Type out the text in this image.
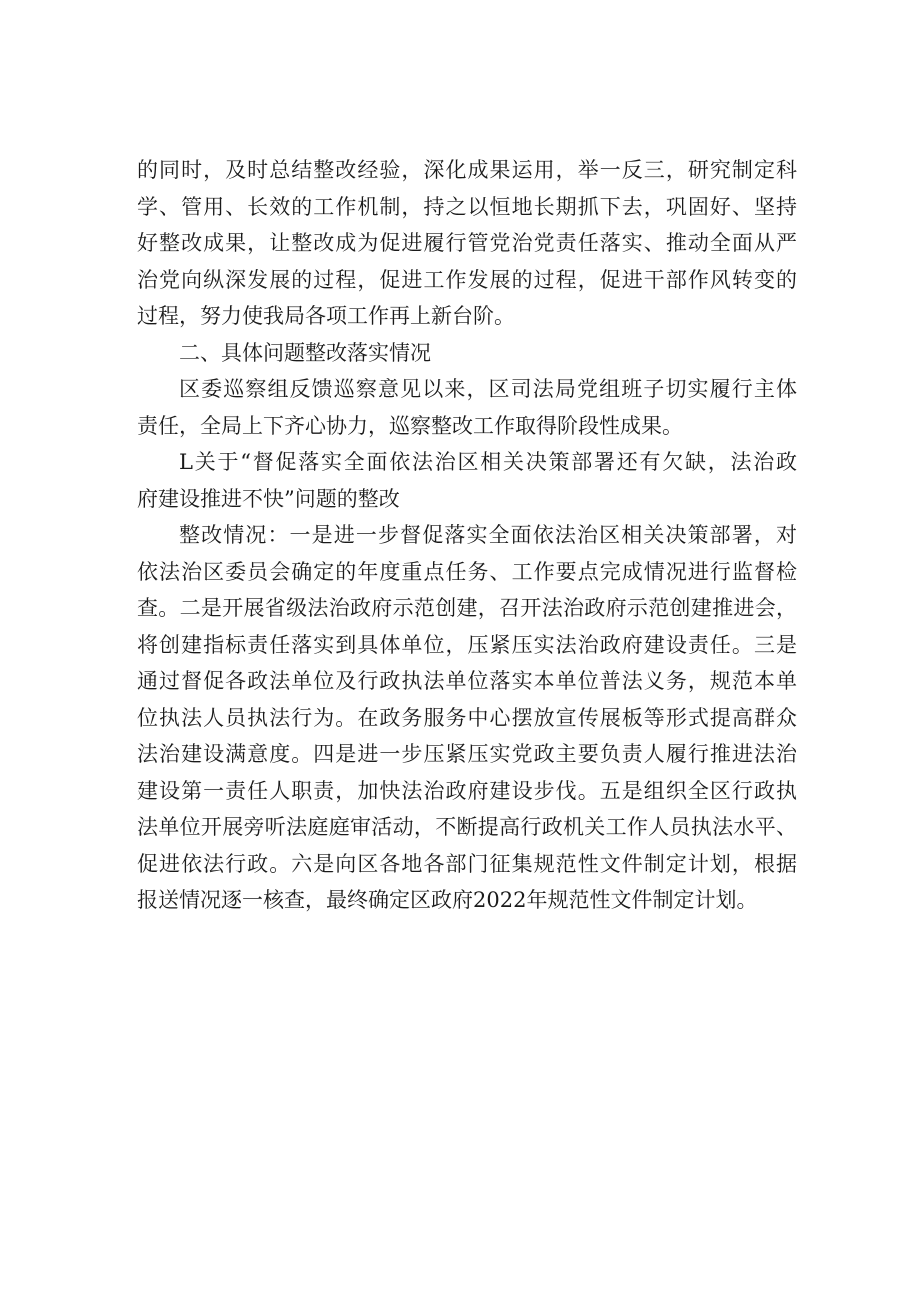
的同时，及时总结整改经验，深化成果运用，举一反三，研究制定科
学、管用、长效的工作机制，持之以恒地长期抓下去，巩固好、坚持
好整改成果，让整改成为促进履行管党治党责任落实、推动全面从严
治党向纵深发展的过程，促进工作发展的过程，促进干部作风转变的
过程，努力使我局各项工作再上新台阶。
二、具体问题整改落实情况
区委巡察组反馈巡察意见以来，区司法局党组班子切实履行主体
责任，全局上下齐心协力，巡察整改工作取得阶段性成果。
L关于“督促落实全面依法治区相关决策部署还有欠缺，法治政
府建设推进不快”问题的整改
整改情况：一是进一步督促落实全面依法治区相关决策部署，对
依法治区委员会确定的年度重点任务、工作要点完成情况进行监督检
查。二是开展省级法治政府示范创建，召开法治政府示范创建推进会，
将创建指标责任落实到具体单位，压紧压实法治政府建设责任。三是
通过督促各政法单位及行政执法单位落实本单位普法义务，规范本单
位执法人员执法行为。在政务服务中心摆放宣传展板等形式提高群众
法治建设满意度。四是进一步压紧压实党政主要负责人履行推进法治
建设第一责任人职责，加快法治政府建设步伐。五是组织全区行政执
法单位开展旁听法庭庭审活动，不断提高行政机关工作人员执法水平、
促进依法行政。六是向区各地各部门征集规范性文件制定计划，根据
报送情况逐一核查，最终确定区政府2022年规范性文件制定计划。
